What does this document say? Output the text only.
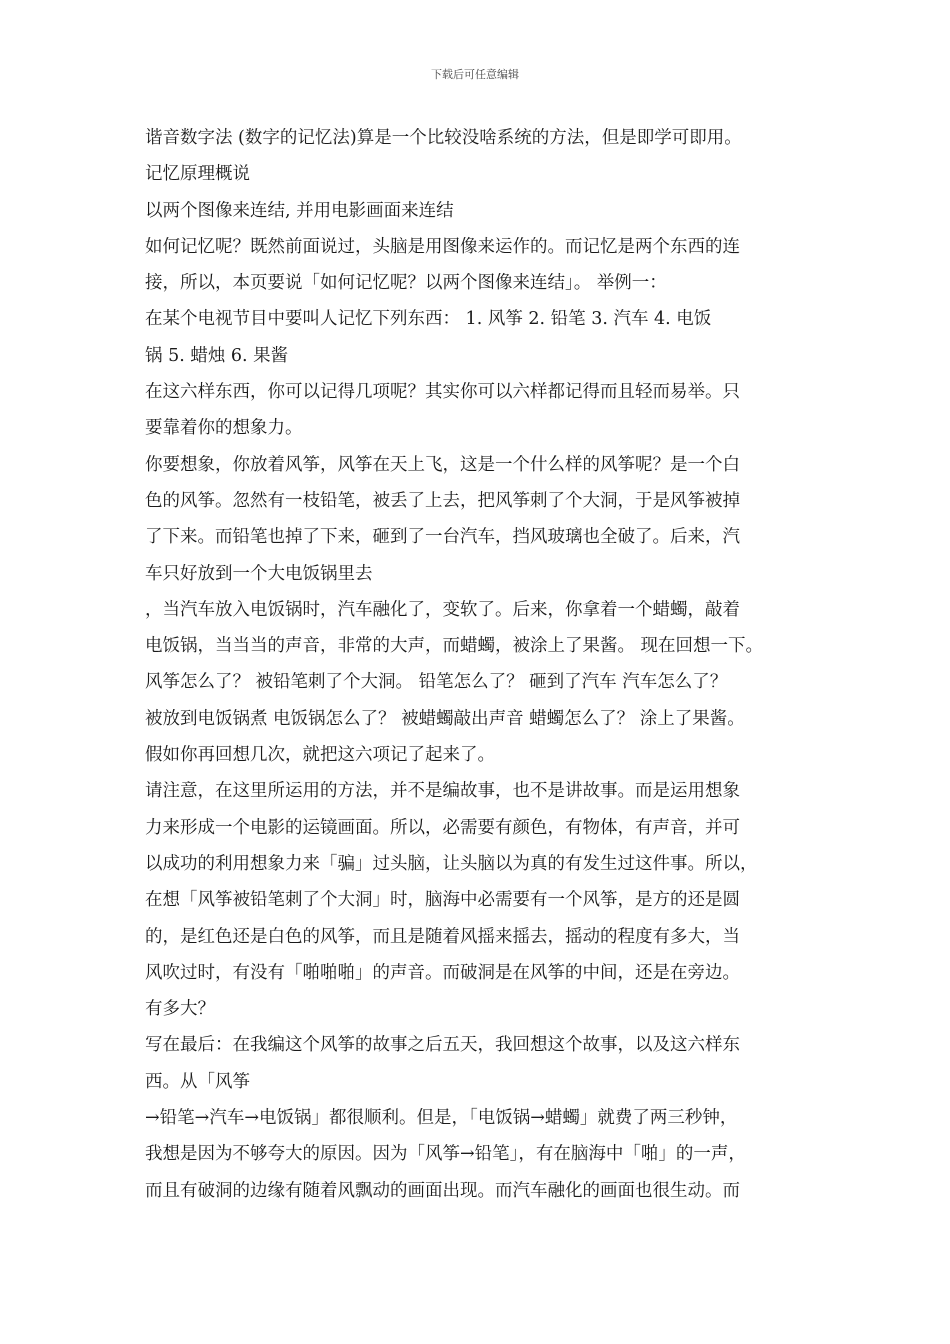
下载后可任意编辑
谐音数字法 (数字的记忆法)算是一个比较没啥系统的方法，但是即学可即用。
记忆原理概说
以两个图像来连结, 并用电影画面来连结
如何记忆呢？既然前面说过，头脑是用图像来运作的。而记忆是两个东西的连
接，所以，本页要说「如何记忆呢？以两个图像来连结」。 举例一：
在某个电视节目中要叫人记忆下列东西： 1. 风筝 2. 铅笔 3. 汽车 4. 电饭
锅 5. 蜡烛 6. 果酱
在这六样东西，你可以记得几项呢？其实你可以六样都记得而且轻而易举。只
要靠着你的想象力。
你要想象，你放着风筝，风筝在天上飞，这是一个什么样的风筝呢？是一个白
色的风筝。忽然有一枝铅笔，被丢了上去，把风筝刺了个大洞，于是风筝被掉
了下来。而铅笔也掉了下来，砸到了一台汽车，挡风玻璃也全破了。后来，汽
车只好放到一个大电饭锅里去
，当汽车放入电饭锅时，汽车融化了，变软了。后来，你拿着一个蜡蠋，敲着
电饭锅，当当当的声音，非常的大声，而蜡蠋，被涂上了果酱。 现在回想一下。
风筝怎么了？ 被铅笔刺了个大洞。 铅笔怎么了？ 砸到了汽车 汽车怎么了？
被放到电饭锅煮 电饭锅怎么了？ 被蜡蠋敲出声音 蜡蠋怎么了？ 涂上了果酱。
假如你再回想几次，就把这六项记了起来了。
请注意，在这里所运用的方法，并不是编故事，也不是讲故事。而是运用想象
力来形成一个电影的运镜画面。所以，必需要有颜色，有物体，有声音，并可
以成功的利用想象力来「骗」过头脑，让头脑以为真的有发生过这件事。所以，
在想「风筝被铅笔刺了个大洞」时，脑海中必需要有一个风筝，是方的还是圆
的，是红色还是白色的风筝，而且是随着风摇来摇去，摇动的程度有多大，当
风吹过时，有没有「啪啪啪」的声音。而破洞是在风筝的中间，还是在旁边。
有多大？
写在最后：在我编这个风筝的故事之后五天，我回想这个故事，以及这六样东
西。从「风筝
→铅笔→汽车→电饭锅」都很顺利。但是，「电饭锅→蜡蠋」就费了两三秒钟，
我想是因为不够夸大的原因。因为「风筝→铅笔」，有在脑海中「啪」的一声，
而且有破洞的边缘有随着风飘动的画面出现。而汽车融化的画面也很生动。而
